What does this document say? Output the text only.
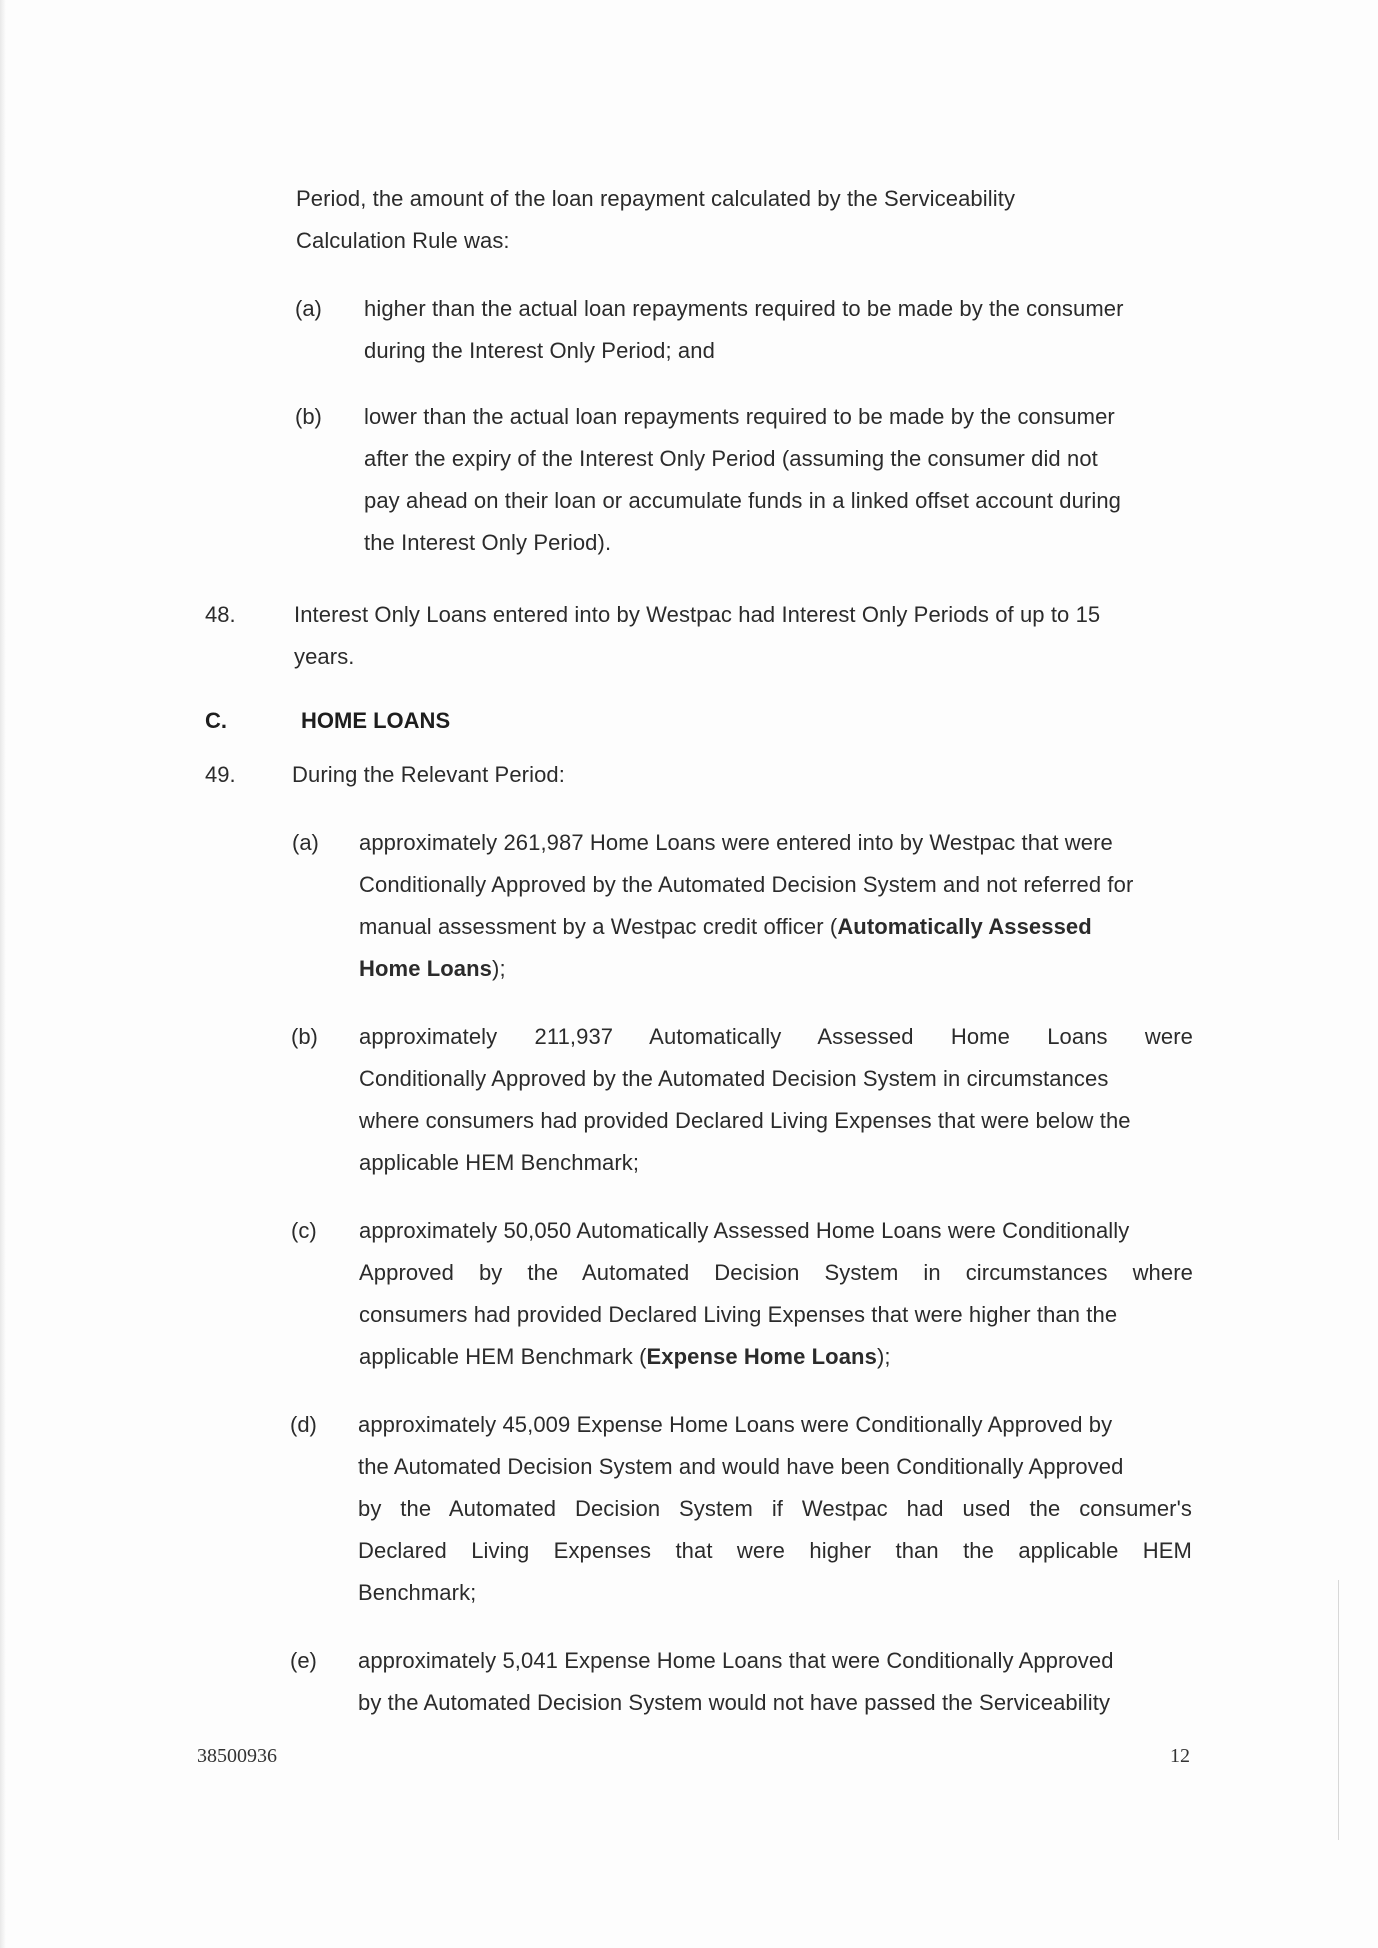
Period, the amount of the loan repayment calculated by the Serviceability
Calculation Rule was:
(a) higher than the actual loan repayments required to be made by the consumer
during the Interest Only Period; and
(b) lower than the actual loan repayments required to be made by the consumer
after the expiry of the Interest Only Period (assuming the consumer did not
pay ahead on their loan or accumulate funds in a linked offset account during
the Interest Only Period).
48.	Interest Only Loans entered into by Westpac had Interest Only Periods of up to 15
years.
C.	HOME LOANS
49.	During the Relevant Period:
(a) approximately 261,987 Home Loans were entered into by Westpac that were
Conditionally Approved by the Automated Decision System and not referred for
manual assessment by a Westpac credit officer (Automatically Assessed
Home Loans);
(b) approximately 211,937 Automatically Assessed Home Loans were
Conditionally Approved by the Automated Decision System in circumstances
where consumers had provided Declared Living Expenses that were below the
applicable HEM Benchmark;
(c) approximately 50,050 Automatically Assessed Home Loans were Conditionally
Approved by the Automated Decision System in circumstances where
consumers had provided Declared Living Expenses that were higher than the
applicable HEM Benchmark (Expense Home Loans);
(d) approximately 45,009 Expense Home Loans were Conditionally Approved by
the Automated Decision System and would have been Conditionally Approved
by the Automated Decision System if Westpac had used the consumer's
Declared Living Expenses that were higher than the applicable HEM
Benchmark;
(e) approximately 5,041 Expense Home Loans that were Conditionally Approved
by the Automated Decision System would not have passed the Serviceability
38500936	12
